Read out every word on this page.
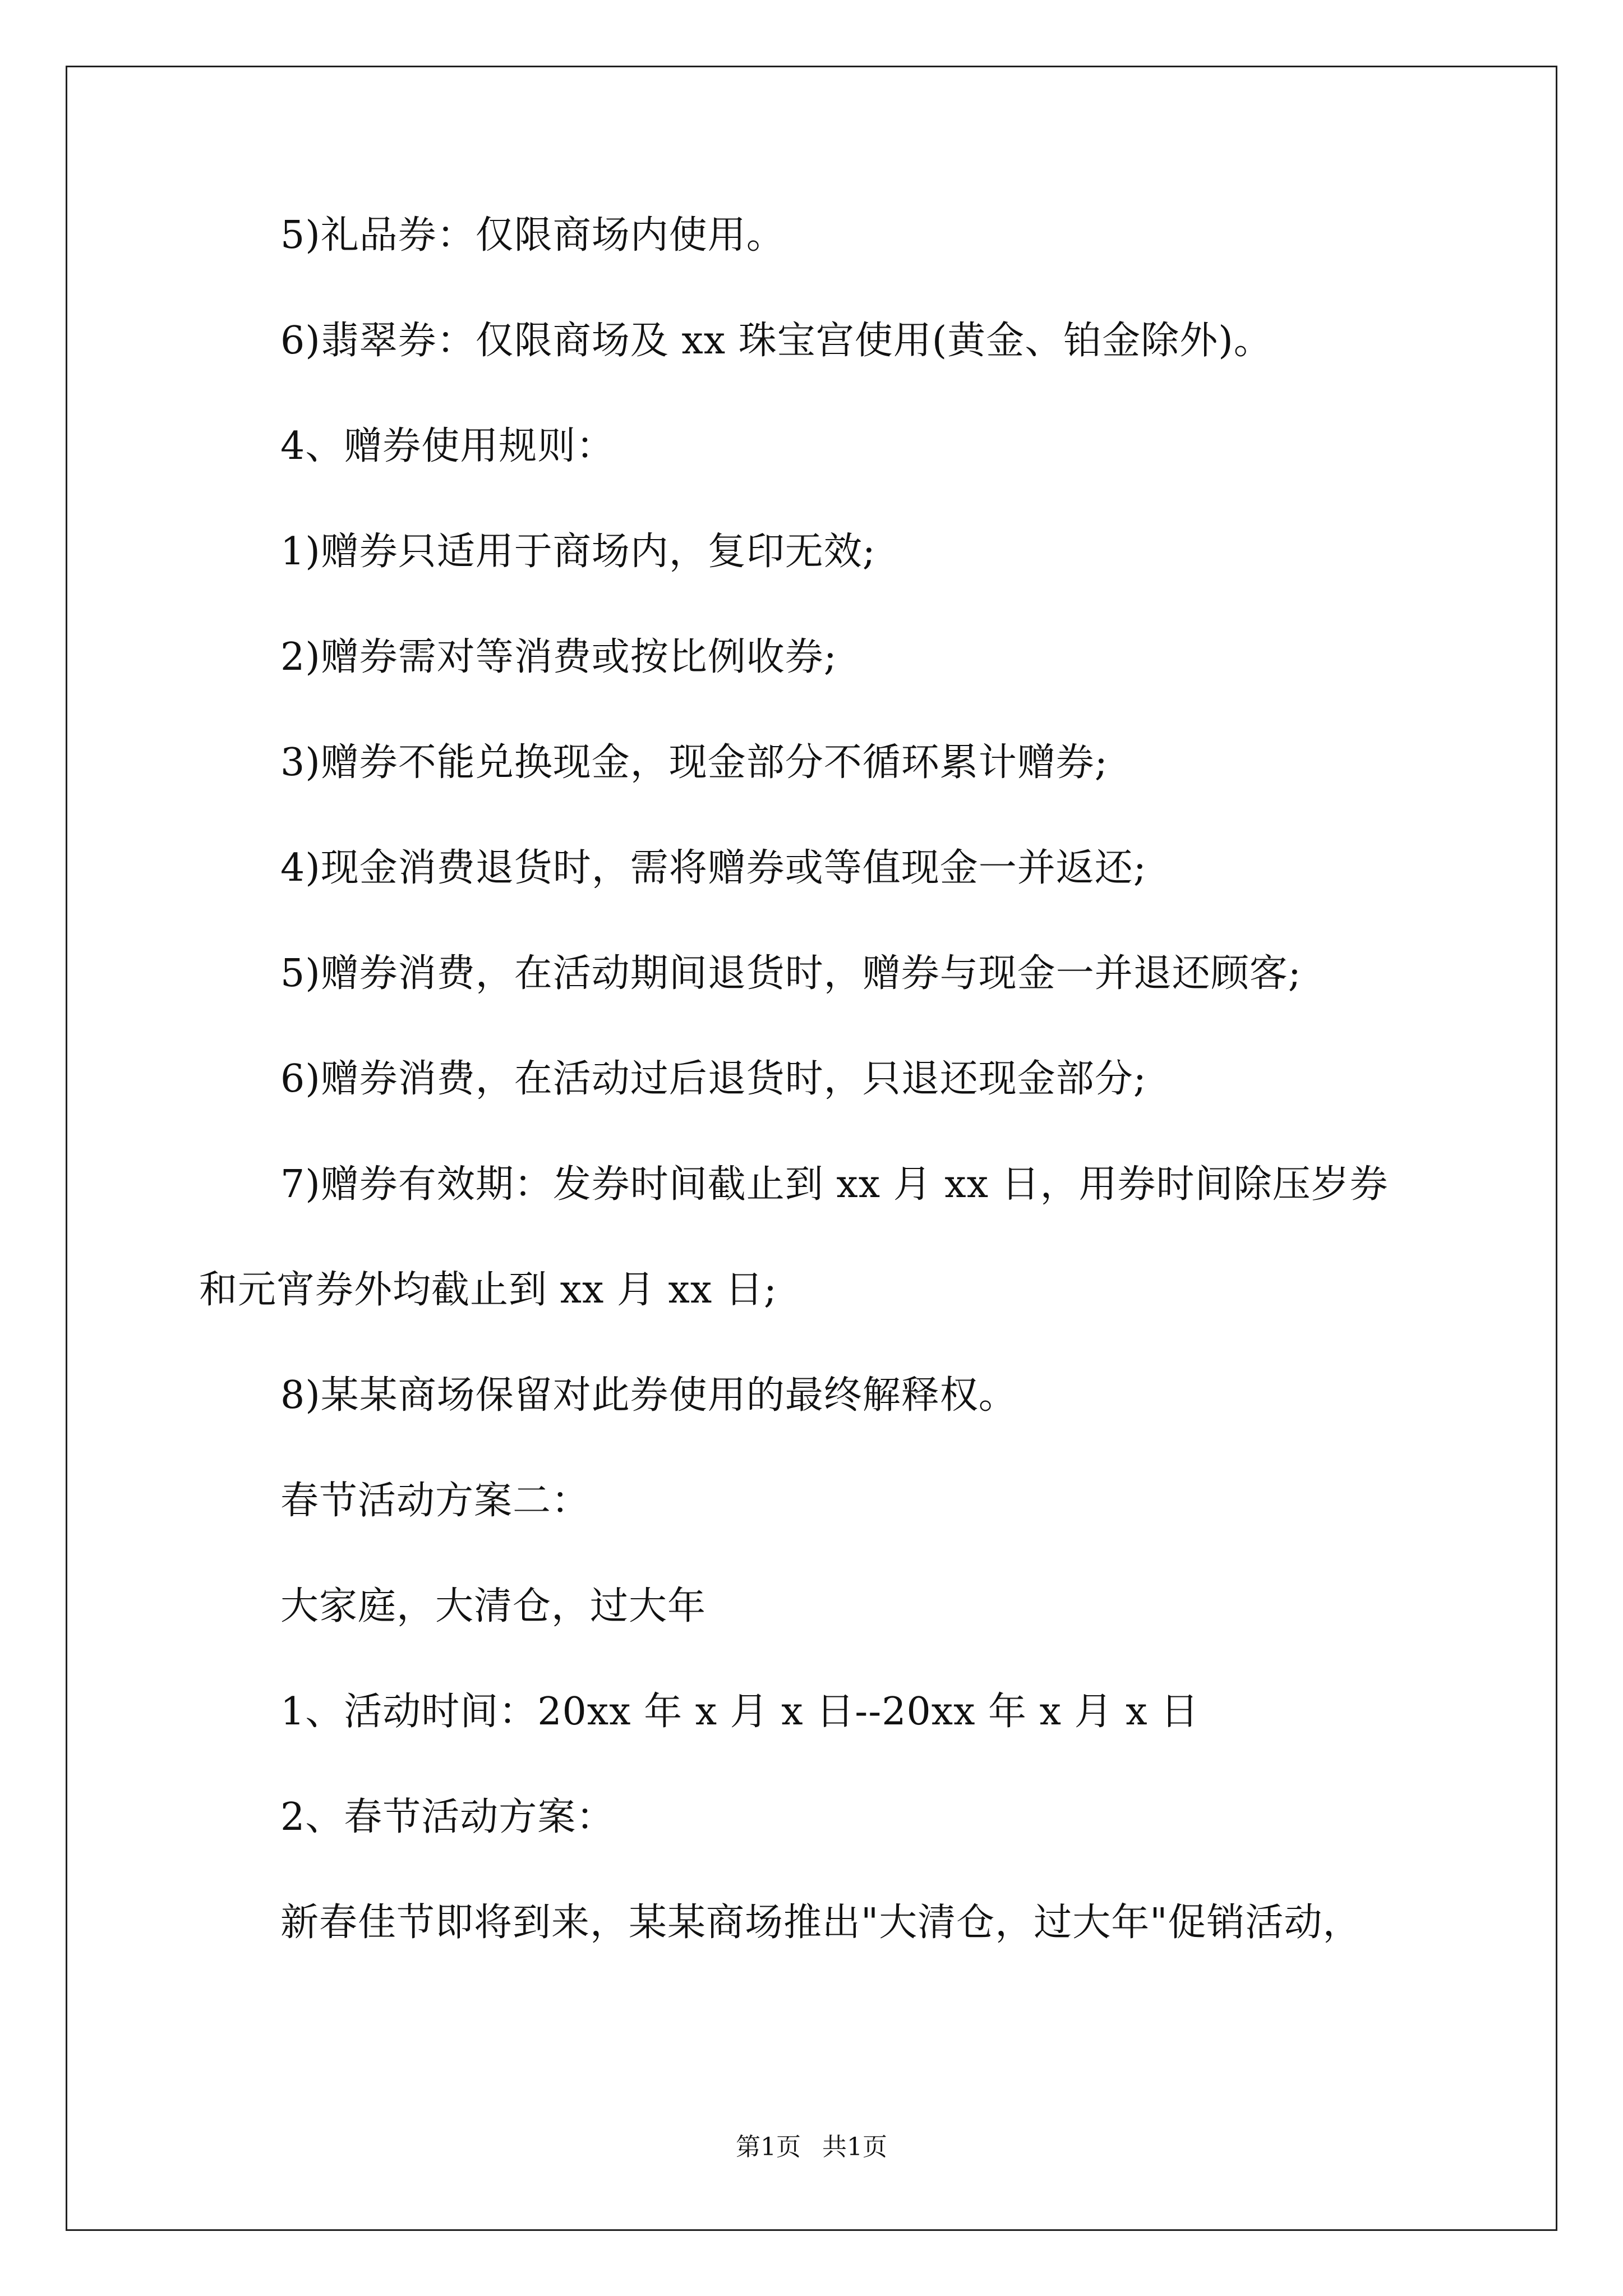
5)礼品券：仅限商场内使用。
6)翡翠券：仅限商场及 xx 珠宝宫使用(黄金、铂金除外)。
4、赠券使用规则：
1)赠券只适用于商场内，复印无效;
2)赠券需对等消费或按比例收券;
3)赠券不能兑换现金，现金部分不循环累计赠券;
4)现金消费退货时，需将赠券或等值现金一并返还;
5)赠券消费，在活动期间退货时，赠券与现金一并退还顾客;
6)赠券消费，在活动过后退货时，只退还现金部分;
7)赠券有效期：发券时间截止到 xx 月 xx 日，用券时间除压岁券
和元宵券外均截止到 xx 月 xx 日;
8)某某商场保留对此券使用的最终解释权。
春节活动方案二：
大家庭，大清仓，过大年
1、活动时间：20xx 年 x 月 x 日--20xx 年 x 月 x 日
2、春节活动方案：
新春佳节即将到来，某某商场推出"大清仓，过大年"促销活动，
第1页 共1页
